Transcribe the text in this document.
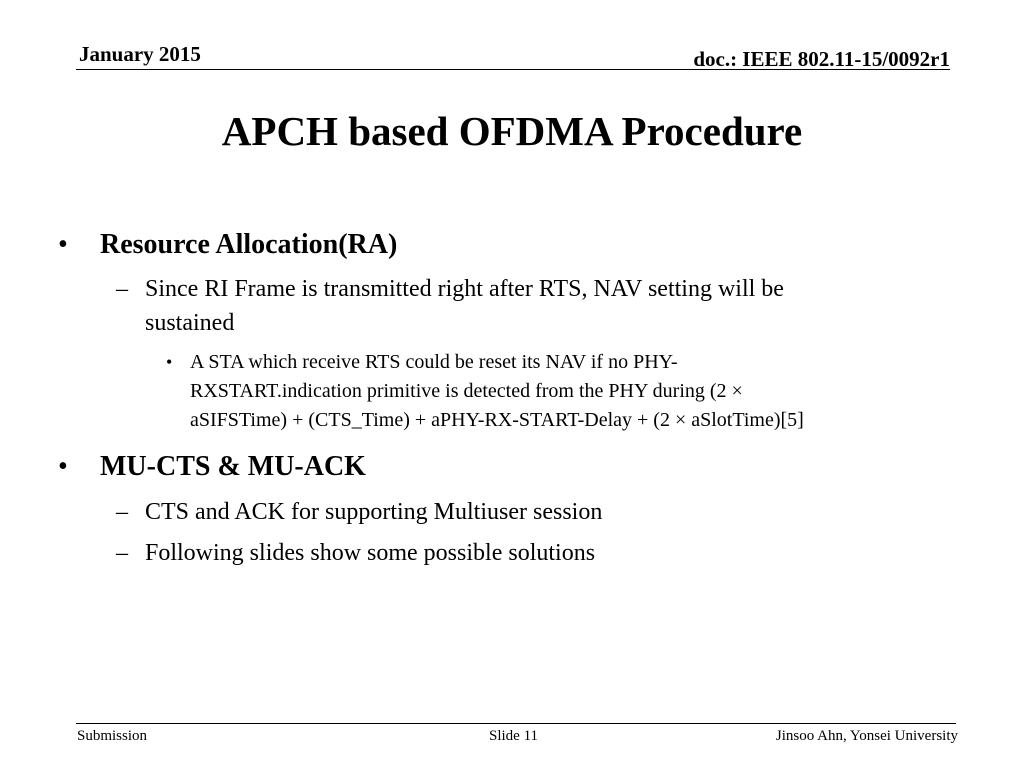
January 2015	doc.: IEEE 802.11-15/0092r1
APCH based OFDMA Procedure
• Resource Allocation(RA)
– Since RI Frame is transmitted right after RTS, NAV setting will be
sustained
• A STA which receive RTS could be reset its NAV if no PHY-
RXSTART.indication primitive is detected from the PHY during (2 ×
aSIFSTime) + (CTS_Time) + aPHY-RX-START-Delay + (2 × aSlotTime)[5]
• MU-CTS & MU-ACK
– CTS and ACK for supporting Multiuser session
– Following slides show some possible solutions
Submission	Slide 11	Jinsoo Ahn, Yonsei University
